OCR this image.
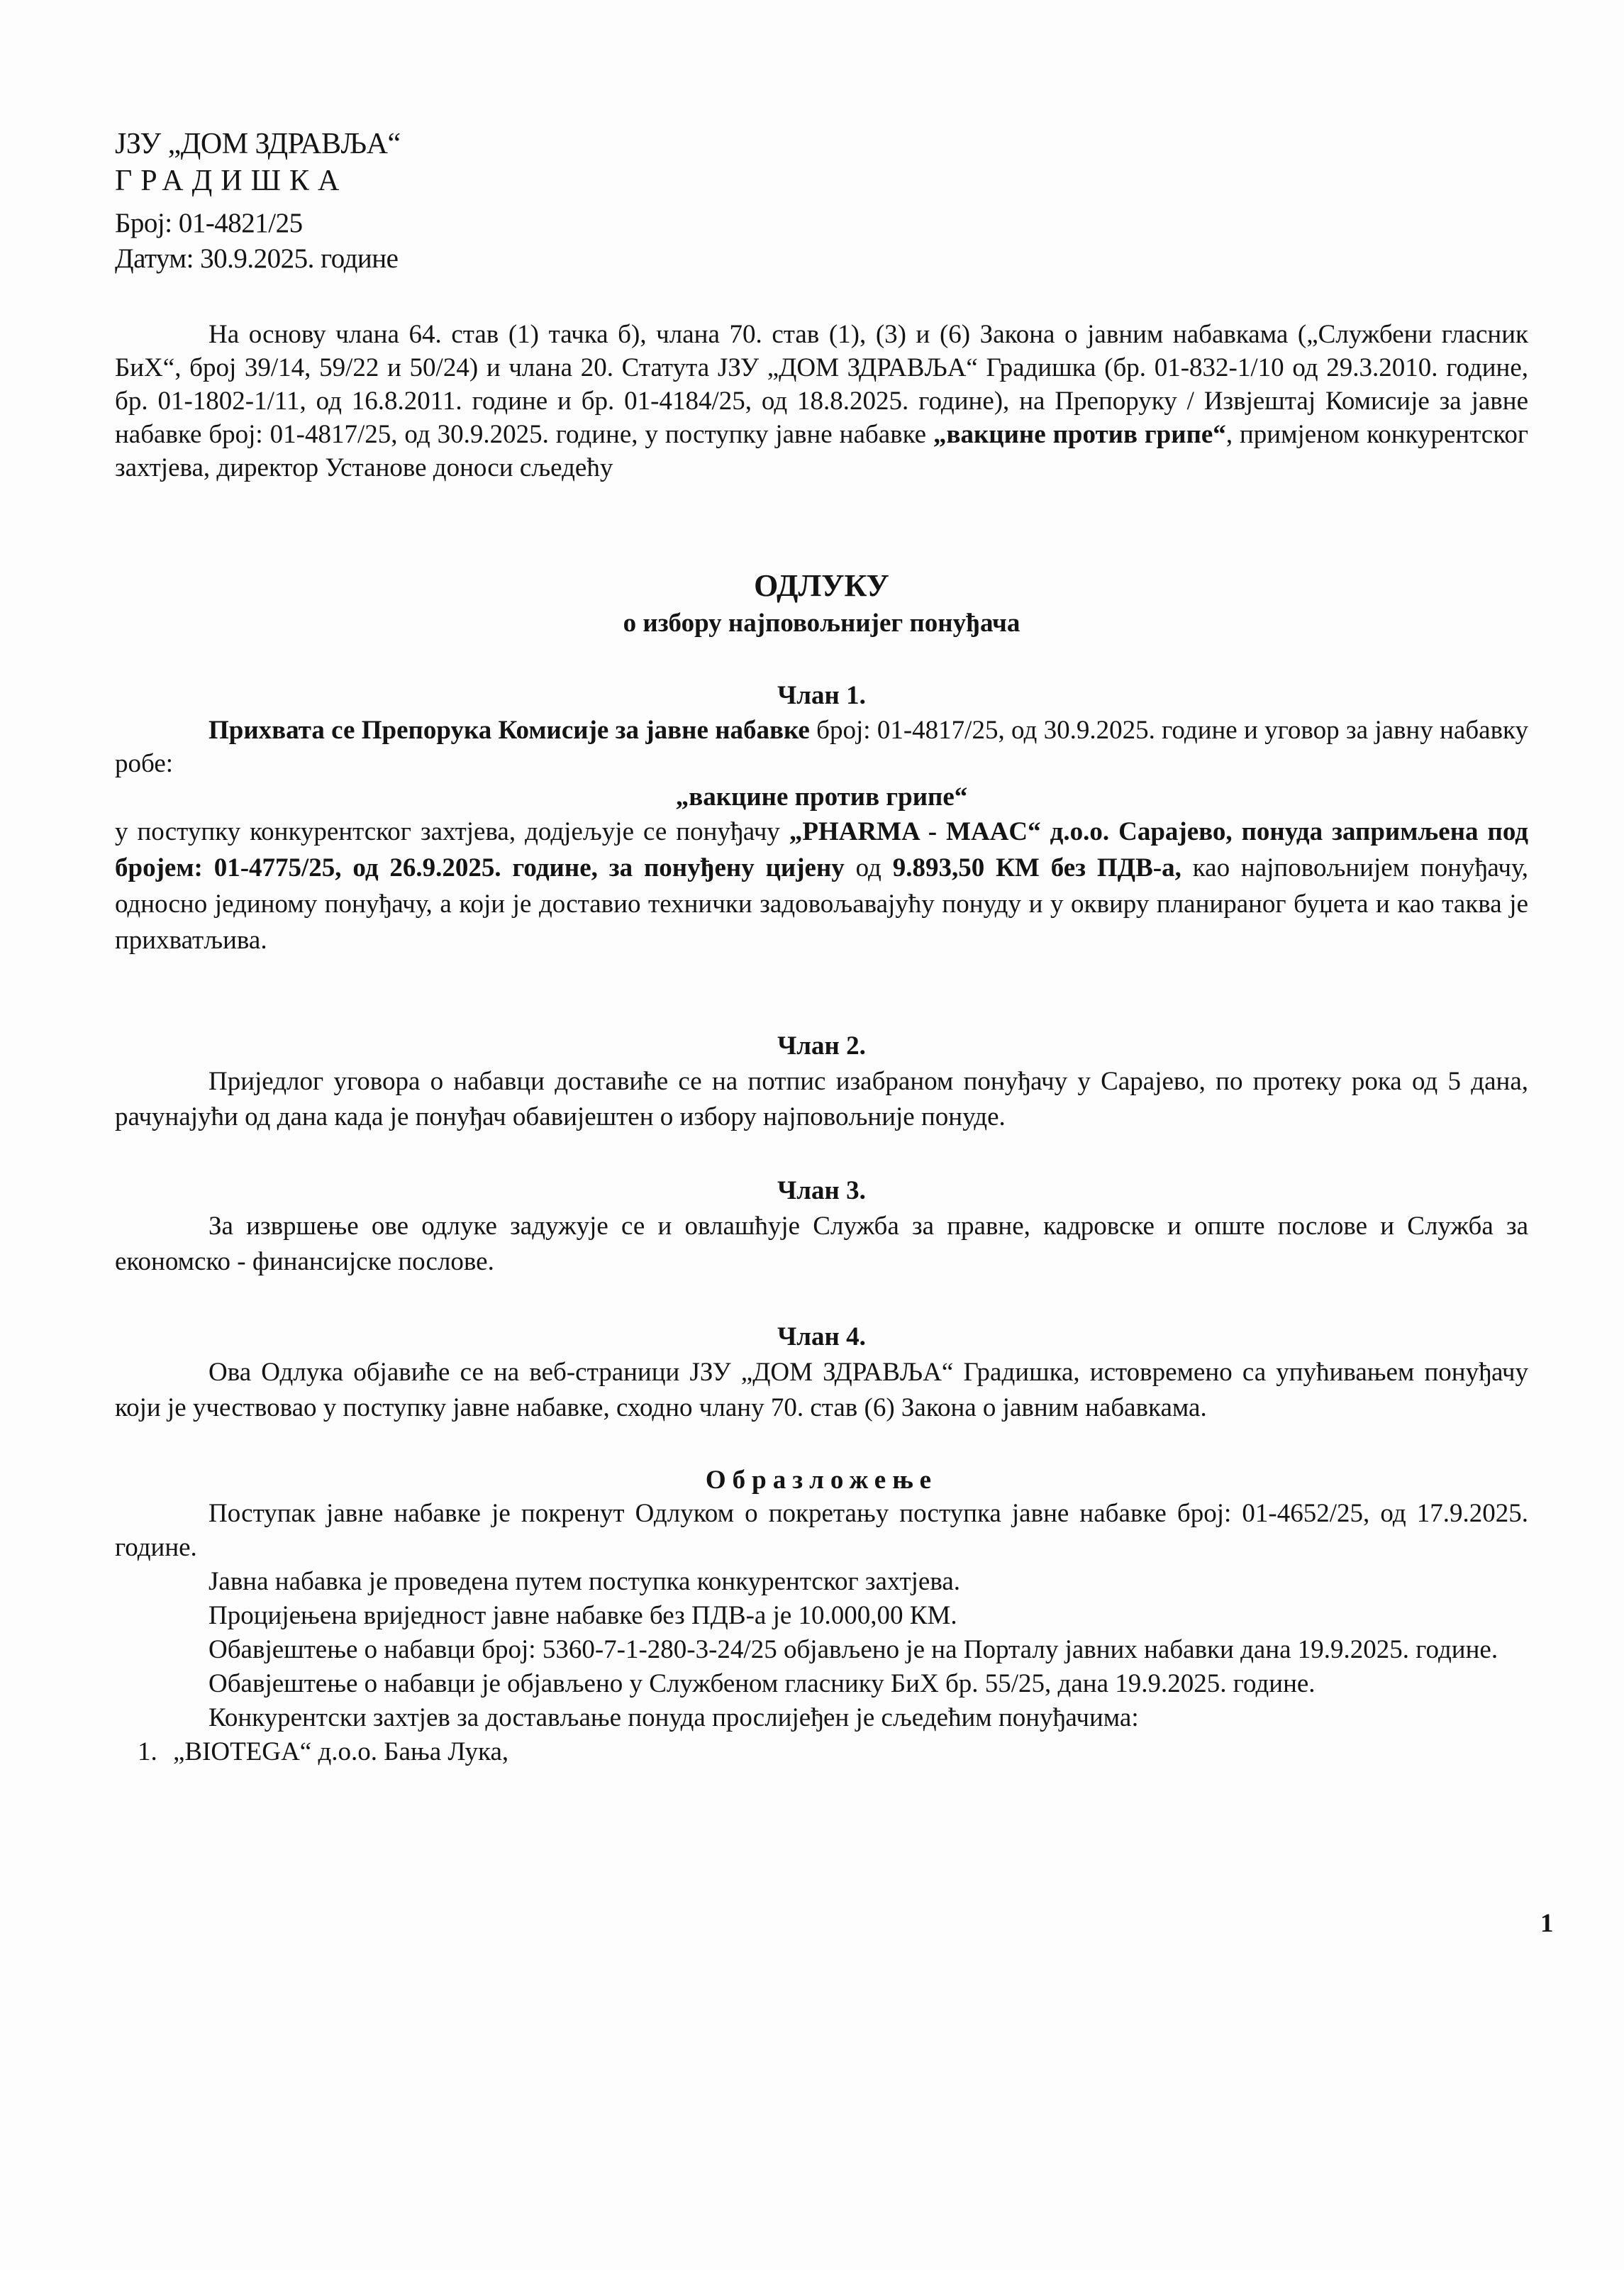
ЈЗУ „ДОМ ЗДРАВЉА“
ГРАДИШКА
Број: 01-4821/25
Датум: 30.9.2025. године
На основу члана 64. став (1) тачка б), члана 70. став (1), (3) и (6) Закона о јавним набавкама („Службени гласник БиХ“, број 39/14, 59/22 и 50/24) и члана 20. Статута ЈЗУ „ДОМ ЗДРАВЉА“ Градишка (бр. 01-832-1/10 од 29.3.2010. године, бр. 01-1802-1/11, од 16.8.2011. године и бр. 01-4184/25, од 18.8.2025. године), на Препоруку / Извјештај Комисије за јавне набавке број: 01-4817/25, од 30.9.2025. године, у поступку јавне набавке „вакцине против грипе“, примјеном конкурентског захтјева, директор Установе доноси сљедећу
ОДЛУКУ
о избору најповољнијег понуђача
Члан 1.
Прихвата се Препорука Комисије за јавне набавке број: 01-4817/25, од 30.9.2025. године и уговор за јавну набавку робе:
„вакцине против грипе“
у поступку конкурентског захтјева, додјељује се понуђачу „PHARMA - MAAC“ д.о.о. Сарајево, понуда запримљена под бројем: 01-4775/25, од 26.9.2025. године, за понуђену цијену од 9.893,50 КМ без ПДВ-а, као најповољнијем понуђачу, односно јединому понуђачу, а који је доставио технички задовољавајућу понуду и у оквиру планираног буџета и као таква је прихватљива.
Члан 2.
Приједлог уговора о набавци доставиће се на потпис изабраном понуђачу у Сарајево, по протеку рока од 5 дана, рачунајући од дана када је понуђач обавијештен о избору најповољније понуде.
Члан 3.
За извршење ове одлуке задужује се и овлашћује Служба за правне, кадровске и опште послове и Служба за економско - финансијске послове.
Члан 4.
Ова Одлука објавиће се на веб-страници ЈЗУ „ДОМ ЗДРАВЉА“ Градишка, истовремено са упућивањем понуђачу који је учествовао у поступку јавне набавке, сходно члану 70. став (6) Закона о јавним набавкама.
Образложење

Поступак јавне набавке је покренут Одлуком о покретању поступка јавне набавке број: 01-4652/25, од 17.9.2025. године.

Јавна набавка је проведена путем поступка конкурентског захтјева.

Процијењена вриједност јавне набавке без ПДВ-а је 10.000,00 КМ.

Обавјештење о набавци број: 5360-7-1-280-3-24/25 објављено је на Порталу јавних набавки дана 19.9.2025. године.

Обавјештење о набавци је објављено у Службеном гласнику БиХ бр. 55/25, дана 19.9.2025. године.

Конкурентски захтјев за достављање понуда прослијеђен је сљедећим понуђачима:

1. „BIOTEGA“ д.о.о. Бања Лука,

1
